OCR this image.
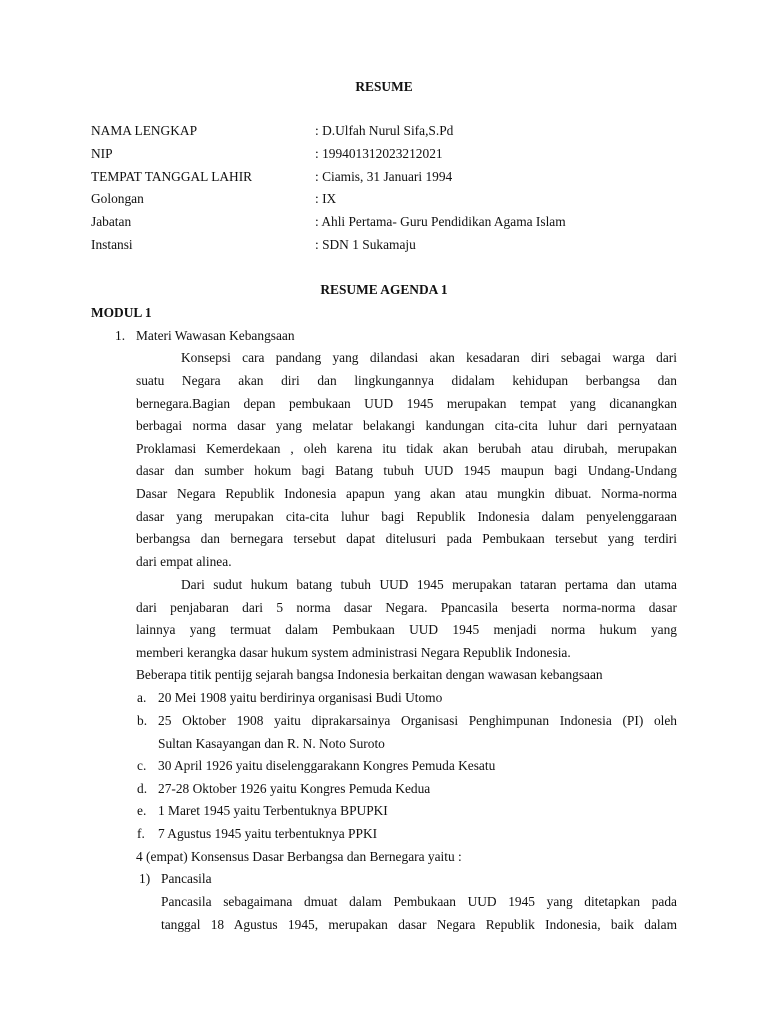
RESUME
NAMA LENGKAP	: D.Ulfah Nurul Sifa,S.Pd
NIP	: 199401312023212021
TEMPAT TANGGAL LAHIR	: Ciamis, 31 Januari 1994
Golongan	: IX
Jabatan	: Ahli Pertama- Guru Pendidikan Agama Islam
Instansi	: SDN 1 Sukamaju
RESUME AGENDA 1
MODUL 1
1. Materi Wawasan Kebangsaan
Konsepsi cara pandang yang dilandasi akan kesadaran diri sebagai warga dari
suatu Negara akan diri dan lingkungannya didalam kehidupan berbangsa dan
bernegara.Bagian depan pembukaan UUD 1945 merupakan tempat yang dicanangkan
berbagai norma dasar yang melatar belakangi kandungan cita-cita luhur dari pernyataan
Proklamasi Kemerdekaan , oleh karena itu tidak akan berubah atau dirubah, merupakan
dasar dan sumber hokum bagi Batang tubuh UUD 1945 maupun bagi Undang-Undang
Dasar Negara Republik Indonesia apapun yang akan atau mungkin dibuat. Norma-norma
dasar yang merupakan cita-cita luhur bagi Republik Indonesia dalam penyelenggaraan
berbangsa dan bernegara tersebut dapat ditelusuri pada Pembukaan tersebut yang terdiri
dari empat alinea.
Dari sudut hukum batang tubuh UUD 1945 merupakan tataran pertama dan utama
dari penjabaran dari 5 norma dasar Negara. Ppancasila beserta norma-norma dasar
lainnya yang termuat dalam Pembukaan UUD 1945 menjadi norma hukum yang
memberi kerangka dasar hukum system administrasi Negara Republik Indonesia.
Beberapa titik pentijg sejarah bangsa Indonesia berkaitan dengan wawasan kebangsaan
a. 20 Mei 1908 yaitu berdirinya organisasi Budi Utomo
b. 25 Oktober 1908 yaitu diprakarsainya Organisasi Penghimpunan Indonesia (PI) oleh
Sultan Kasayangan dan R. N. Noto Suroto
c. 30 April 1926 yaitu diselenggarakann Kongres Pemuda Kesatu
d. 27-28 Oktober 1926 yaitu Kongres Pemuda Kedua
e. 1 Maret 1945 yaitu Terbentuknya BPUPKI
f. 7 Agustus 1945 yaitu terbentuknya PPKI
4 (empat) Konsensus Dasar Berbangsa dan Bernegara yaitu :
1) Pancasila
Pancasila sebagaimana dmuat dalam Pembukaan UUD 1945 yang ditetapkan pada
tanggal 18 Agustus 1945, merupakan dasar Negara Republik Indonesia, baik dalam
